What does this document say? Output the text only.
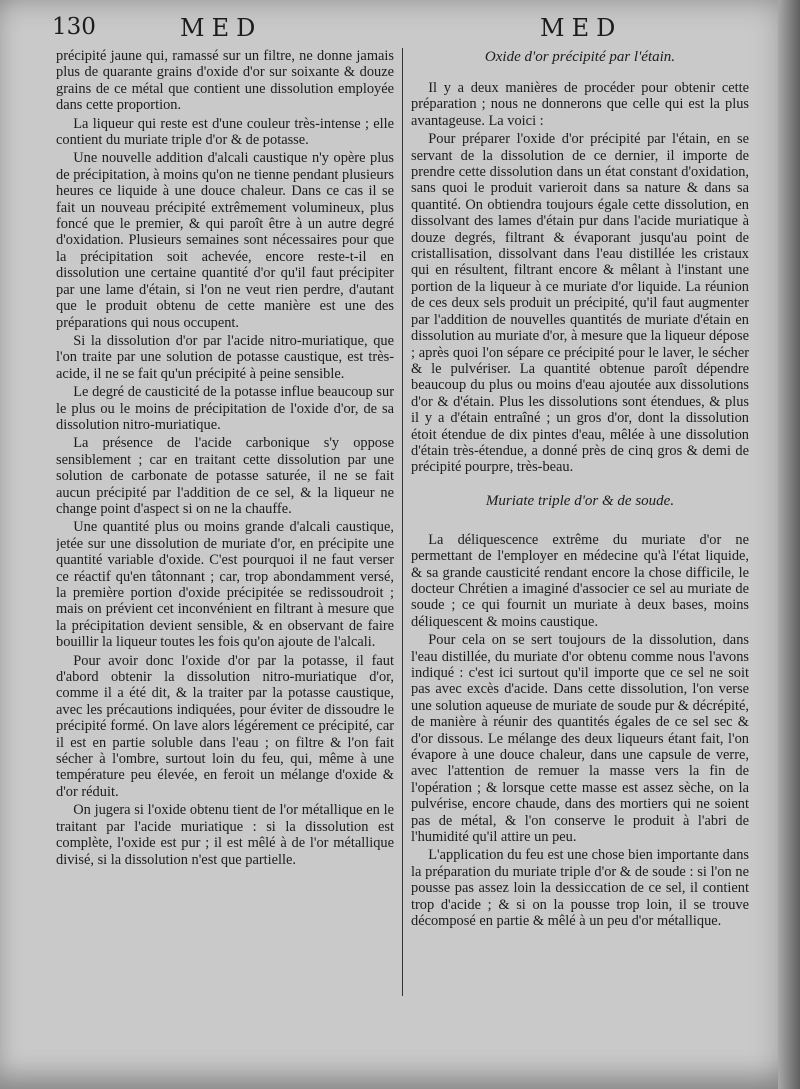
130	MED	MED

précipité jaune qui, ramassé sur un filtre, ne donne jamais plus de quarante grains d'oxide d'or sur soixante & douze grains de ce métal que contient une dissolution employée dans cette proportion.

La liqueur qui reste est d'une couleur très-intense ; elle contient du muriate triple d'or & de potasse.

Une nouvelle addition d'alcali caustique n'y opère plus de précipitation, à moins qu'on ne tienne pendant plusieurs heures ce liquide à une douce chaleur. Dans ce cas il se fait un nouveau précipité extrêmement volumineux, plus foncé que le premier, & qui paroît être à un autre degré d'oxidation. Plusieurs semaines sont nécessaires pour que la précipitation soit achevée, encore reste-t-il en dissolution une certaine quantité d'or qu'il faut précipiter par une lame d'étain, si l'on ne veut rien perdre, d'autant que le produit obtenu de cette manière est une des préparations qui nous occupent.

Si la dissolution d'or par l'acide nitro-muriatique, que l'on traite par une solution de potasse caustique, est très-acide, il ne se fait qu'un précipité à peine sensible.

Le degré de causticité de la potasse influe beaucoup sur le plus ou le moins de précipitation de l'oxide d'or, de sa dissolution nitro-muriatique.

La présence de l'acide carbonique s'y oppose sensiblement ; car en traitant cette dissolution par une solution de carbonate de potasse saturée, il ne se fait aucun précipité par l'addition de ce sel, & la liqueur ne change point d'aspect si on ne la chauffe.

Une quantité plus ou moins grande d'alcali caustique, jetée sur une dissolution de muriate d'or, en précipite une quantité variable d'oxide. C'est pourquoi il ne faut verser ce réactif qu'en tâtonnant ; car, trop abondamment versé, la première portion d'oxide précipitée se redissoudroit ; mais on prévient cet inconvénient en filtrant à mesure que la précipitation devient sensible, & en observant de faire bouillir la liqueur toutes les fois qu'on ajoute de l'alcali.

Pour avoir donc l'oxide d'or par la potasse, il faut d'abord obtenir la dissolution nitro-muriatique d'or, comme il a été dit, & la traiter par la potasse caustique, avec les précautions indiquées, pour éviter de dissoudre le précipité formé. On lave alors légérement ce précipité, car il est en partie soluble dans l'eau ; on filtre & l'on fait sécher à l'ombre, surtout loin du feu, qui, même à une température peu élevée, en feroit un mélange d'oxide & d'or réduit.

On jugera si l'oxide obtenu tient de l'or métallique en le traitant par l'acide muriatique : si la dissolution est complète, l'oxide est pur ; il est mêlé à de l'or métallique divisé, si la dissolution n'est que partielle.

Oxide d'or précipité par l'étain.

Il y a deux manières de procéder pour obtenir cette préparation ; nous ne donnerons que celle qui est la plus avantageuse. La voici :

Pour préparer l'oxide d'or précipité par l'étain, en se servant de la dissolution de ce dernier, il importe de prendre cette dissolution dans un état constant d'oxidation, sans quoi le produit varieroit dans sa nature & dans sa quantité. On obtiendra toujours égale cette dissolution, en dissolvant des lames d'étain pur dans l'acide muriatique à douze degrés, filtrant & évaporant jusqu'au point de cristallisation, dissolvant dans l'eau distillée les cristaux qui en résultent, filtrant encore & mêlant à l'instant une portion de la liqueur à ce muriate d'or liquide. La réunion de ces deux sels produit un précipité, qu'il faut augmenter par l'addition de nouvelles quantités de muriate d'étain en dissolution au muriate d'or, à mesure que la liqueur dépose ; après quoi l'on sépare ce précipité pour le laver, le sécher & le pulvériser. La quantité obtenue paroît dépendre beaucoup du plus ou moins d'eau ajoutée aux dissolutions d'or & d'étain. Plus les dissolutions sont étendues, & plus il y a d'étain entraîné ; un gros d'or, dont la dissolution étoit étendue de dix pintes d'eau, mêlée à une dissolution d'étain très-étendue, a donné près de cinq gros & demi de précipité pourpre, très-beau.

Muriate triple d'or & de soude.

La déliquescence extrême du muriate d'or ne permettant de l'employer en médecine qu'à l'état liquide, & sa grande causticité rendant encore la chose difficile, le docteur Chrétien a imaginé d'associer ce sel au muriate de soude ; ce qui fournit un muriate à deux bases, moins déliquescent & moins caustique.

Pour cela on se sert toujours de la dissolution, dans l'eau distillée, du muriate d'or obtenu comme nous l'avons indiqué : c'est ici surtout qu'il importe que ce sel ne soit pas avec excès d'acide. Dans cette dissolution, l'on verse une solution aqueuse de muriate de soude pur & décrépité, de manière à réunir des quantités égales de ce sel sec & d'or dissous. Le mélange des deux liqueurs étant fait, l'on évapore à une douce chaleur, dans une capsule de verre, avec l'attention de remuer la masse vers la fin de l'opération ; & lorsque cette masse est assez sèche, on la pulvérise, encore chaude, dans des mortiers qui ne soient pas de métal, & l'on conserve le produit à l'abri de l'humidité qu'il attire un peu.

L'application du feu est une chose bien importante dans la préparation du muriate triple d'or & de soude : si l'on ne pousse pas assez loin la dessiccation de ce sel, il contient trop d'acide ; & si on la pousse trop loin, il se trouve décomposé en partie & mêlé à un peu d'or métallique.
